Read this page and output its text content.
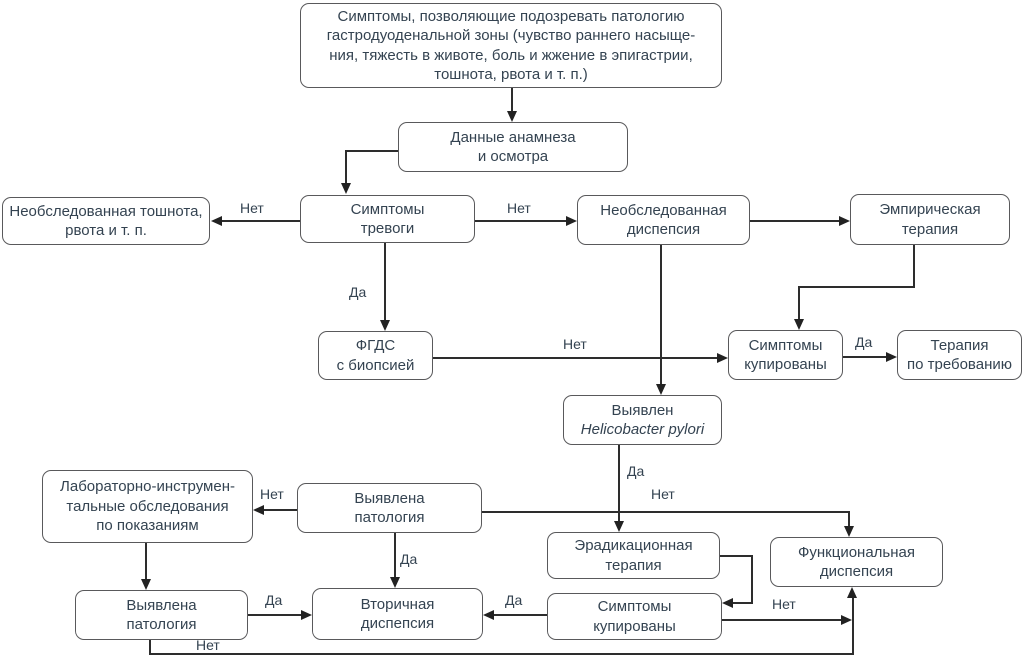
Симптомы, позволяющие подозревать патологию
гастродуоденальной зоны (чувство раннего насыще-
ния, тяжесть в животе, боль и жжение в эпигастрии,
тошнота, рвота и т. п.)
Данные анамнеза
и осмотра
Необследованная тошнота,
рвота и т. п.
Симптомы
тревоги
Необследованная
диспепсия
Эмпирическая
терапия
ФГДС
с биопсией
Симптомы
купированы
Терапия
по требованию
Выявлен
Helicobacter pylori
Лабораторно-инструмен-
тальные обследования
по показаниям
Выявлена
патология
Эрадикационная
терапия
Функциональная
диспепсия
Выявлена
патология
Вторичная
диспепсия
Симптомы
купированы
Нет	Нет
Да
Нет	Да
Да
Нет
Нет
Да
Да	Да	Нет
Нет
